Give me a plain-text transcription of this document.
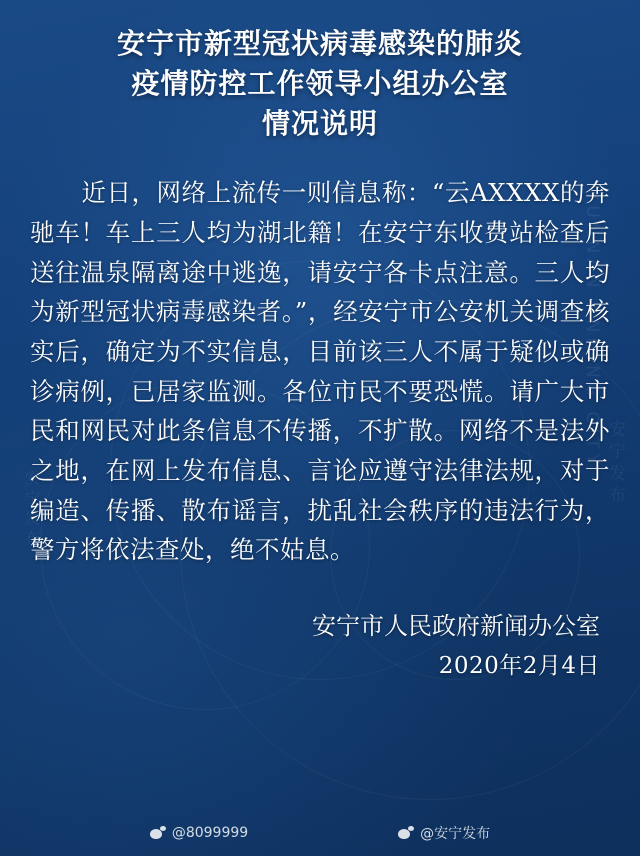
YUNNAN ANNING CITY 安宁发布
安宁发布
安宁市新型冠状病毒感染的肺炎
疫情防控工作领导小组办公室
情况说明
近日，网络上流传一则信息称：“云AXXXX的奔驰车！车上三人均为湖北籍！在安宁东收费站检查后送往温泉隔离途中逃逸，请安宁各卡点注意。三人均为新型冠状病毒感染者。”，经安宁市公安机关调查核实后，确定为不实信息，目前该三人不属于疑似或确诊病例，已居家监测。各位市民不要恐慌。请广大市民和网民对此条信息不传播，不扩散。网络不是法外之地，在网上发布信息、言论应遵守法律法规，对于编造、传播、散布谣言，扰乱社会秩序的违法行为，警方将依法查处，绝不姑息。
安宁市人民政府新闻办公室
2020年2月4日
@8099999	@安宁发布
